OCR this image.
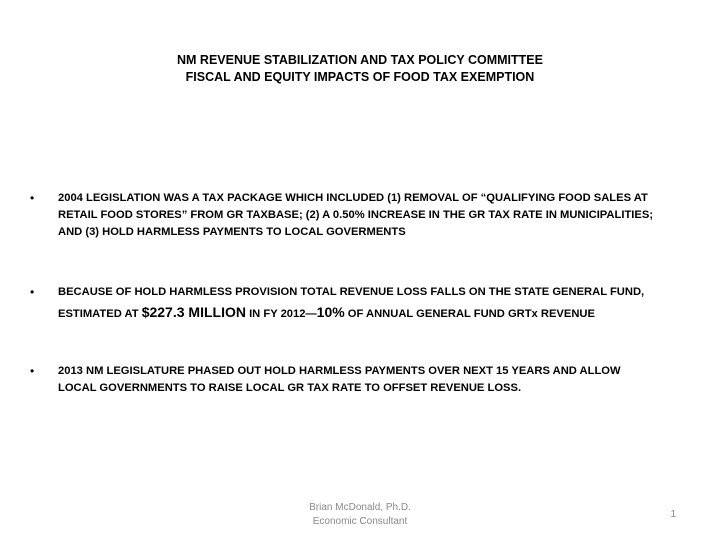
NM REVENUE STABILIZATION AND TAX POLICY COMMITTEE
FISCAL AND EQUITY IMPACTS OF FOOD TAX EXEMPTION
• 2004 LEGISLATION WAS A TAX PACKAGE WHICH INCLUDED (1) REMOVAL OF “QUALIFYING FOOD SALES AT
RETAIL FOOD STORES” FROM GR TAXBASE; (2) A 0.50% INCREASE IN THE GR TAX RATE IN MUNICIPALITIES;
AND (3) HOLD HARMLESS PAYMENTS TO LOCAL GOVERMENTS
• BECAUSE OF HOLD HARMLESS PROVISION TOTAL REVENUE LOSS FALLS ON THE STATE GENERAL FUND,
ESTIMATED AT $227.3 MILLION IN FY 2012—10% OF ANNUAL GENERAL FUND GRTx REVENUE
• 2013 NM LEGISLATURE PHASED OUT HOLD HARMLESS PAYMENTS OVER NEXT 15 YEARS AND ALLOW
LOCAL GOVERNMENTS TO RAISE LOCAL GR TAX RATE TO OFFSET REVENUE LOSS.
Brian McDonald, Ph.D.
Economic Consultant
1
